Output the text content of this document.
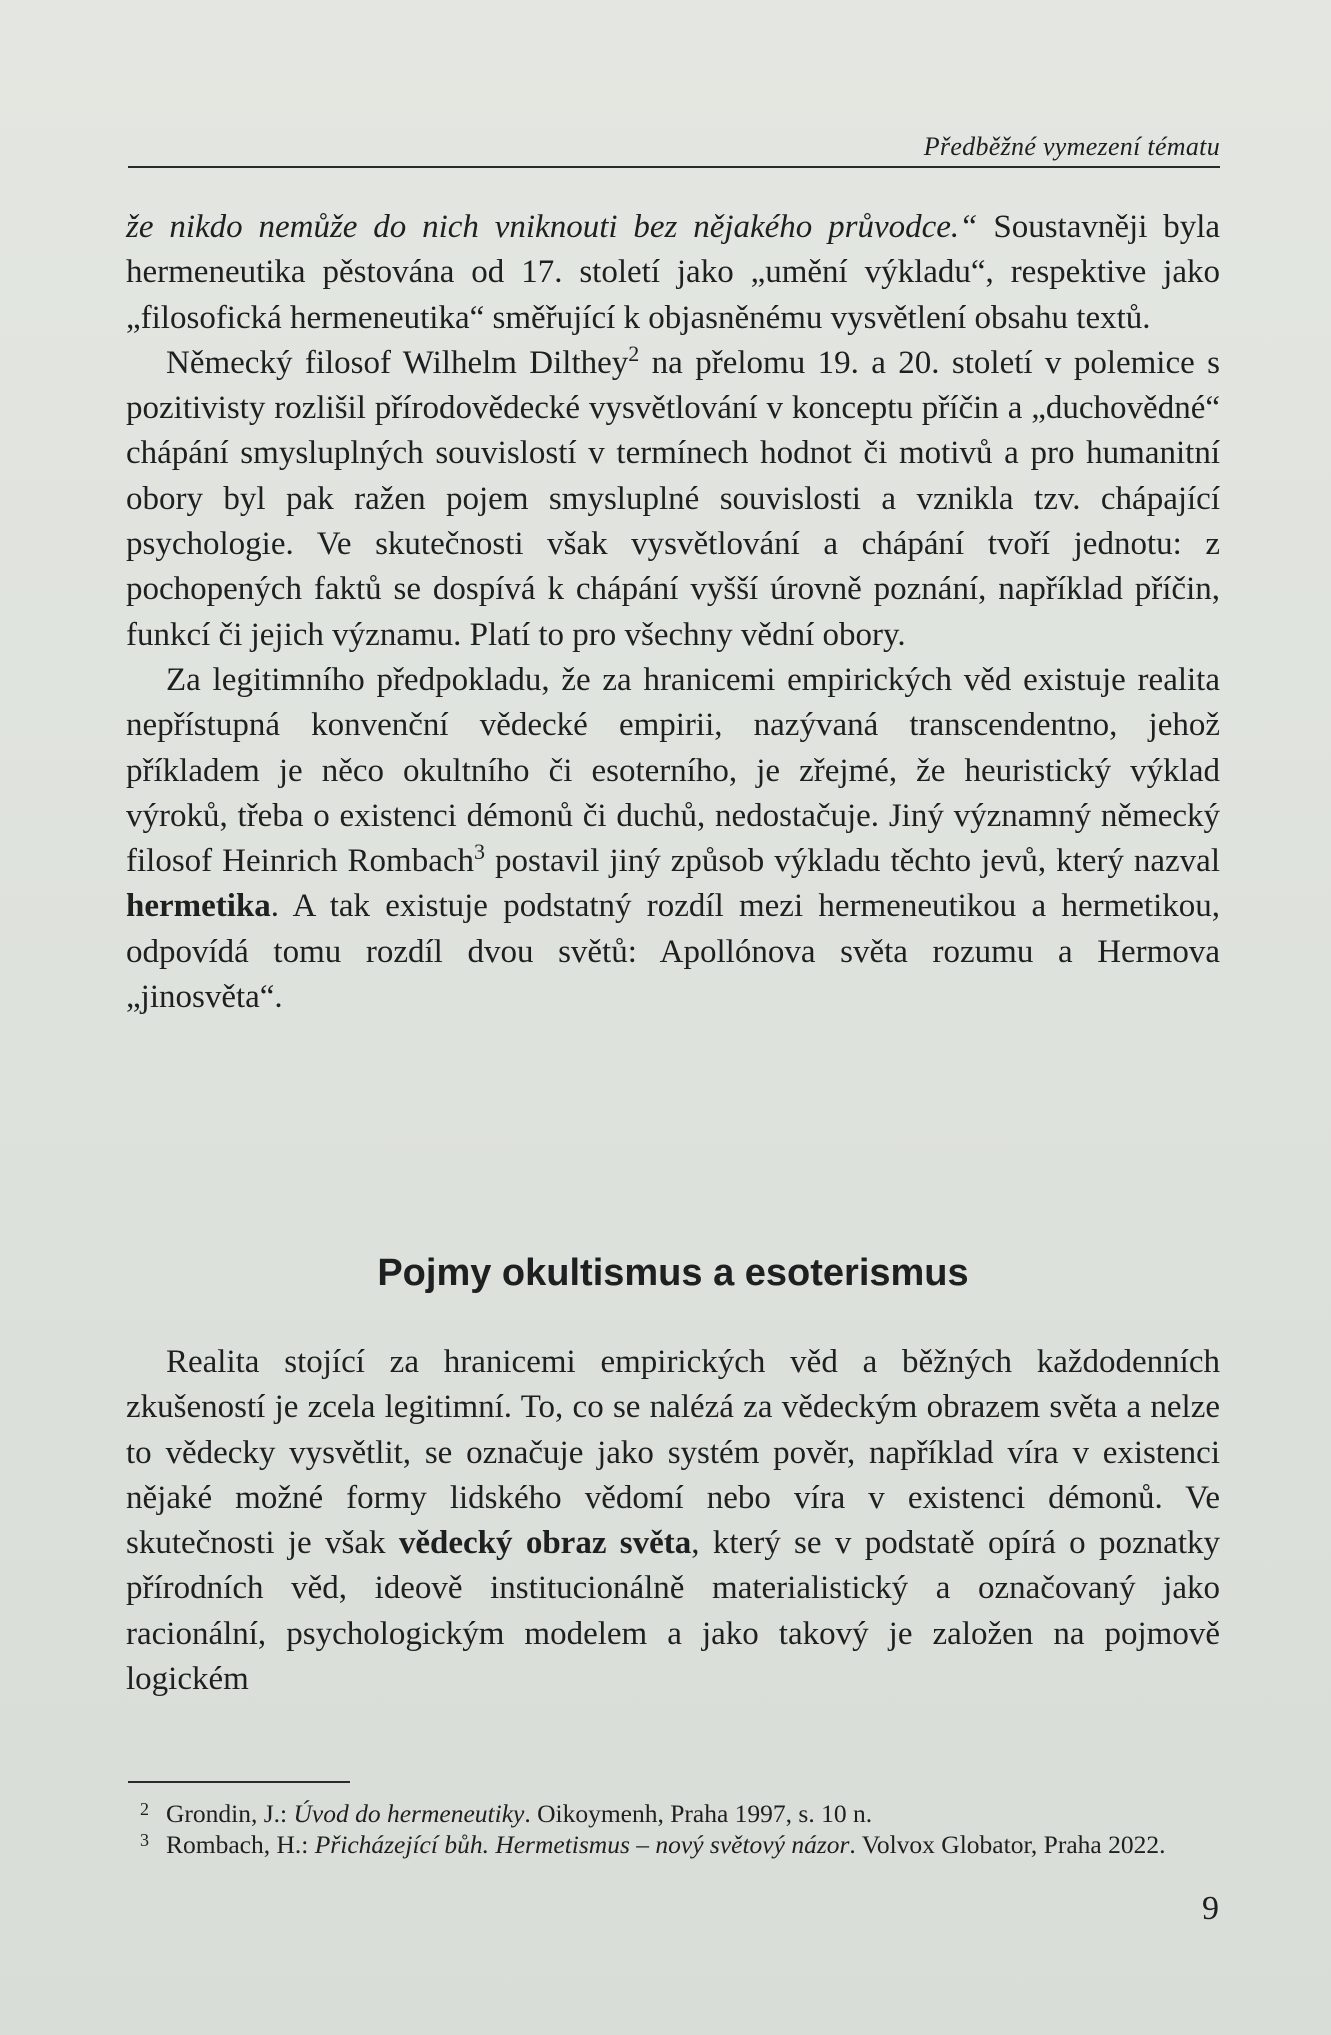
Předběžné vymezení tématu

že nikdo nemůže do nich vniknouti bez nějakého průvodce.“ Soustavněji byla hermeneutika pěstována od 17. století jako „umění výkladu“, respektive jako „filosofická hermeneutika“ směřující k objasněnému vysvětlení obsahu textů.

Německý filosof Wilhelm Dilthey$^2$ na přelomu 19. a 20. století v polemice s pozitivisty rozlišil přírodovědecké vysvětlování v konceptu příčin a „duchovědné“ chápání smysluplných souvislostí v termínech hodnot či motivů a pro humanitní obory byl pak ražen pojem smysluplné souvislosti a vznikla tzv. chápající psychologie. Ve skutečnosti však vysvětlování a chápání tvoří jednotu: z pochopených faktů se dospívá k chápání vyšší úrovně poznání, například příčin, funkcí či jejich významu. Platí to pro všechny vědní obory.

Za legitimního předpokladu, že za hranicemi empirických věd existuje realita nepřístupná konvenční vědecké empirii, nazývaná transcendentno, jehož příkladem je něco okultního či esoterního, je zřejmé, že heuristický výklad výroků, třeba o existenci démonů či duchů, nedostačuje. Jiný významný německý filosof Heinrich Rombach$^3$ postavil jiný způsob výkladu těchto jevů, který nazval hermetika. A tak existuje podstatný rozdíl mezi hermeneutikou a hermetikou, odpovídá tomu rozdíl dvou světů: Apollónova světa rozumu a Hermova „jinosvěta“.

Pojmy okultismus a esoterismus

Realita stojící za hranicemi empirických věd a běžných každodenních zkušeností je zcela legitimní. To, co se nalézá za vědeckým obrazem světa a nelze to vědecky vysvětlit, se označuje jako systém pověr, například víra v existenci nějaké možné formy lidského vědomí nebo víra v existenci démonů. Ve skutečnosti je však vědecký obraz světa, který se v podstatě opírá o poznatky přírodních věd, ideově institucionálně materialistický a označovaný jako racionální, psychologickým modelem a jako takový je založen na pojmově logickém

2 Grondin, J.: Úvod do hermeneutiky. Oikoymenh, Praha 1997, s. 10 n.
3 Rombach, H.: Přicházející bůh. Hermetismus – nový světový názor. Volvox Globator, Praha 2022.
9
